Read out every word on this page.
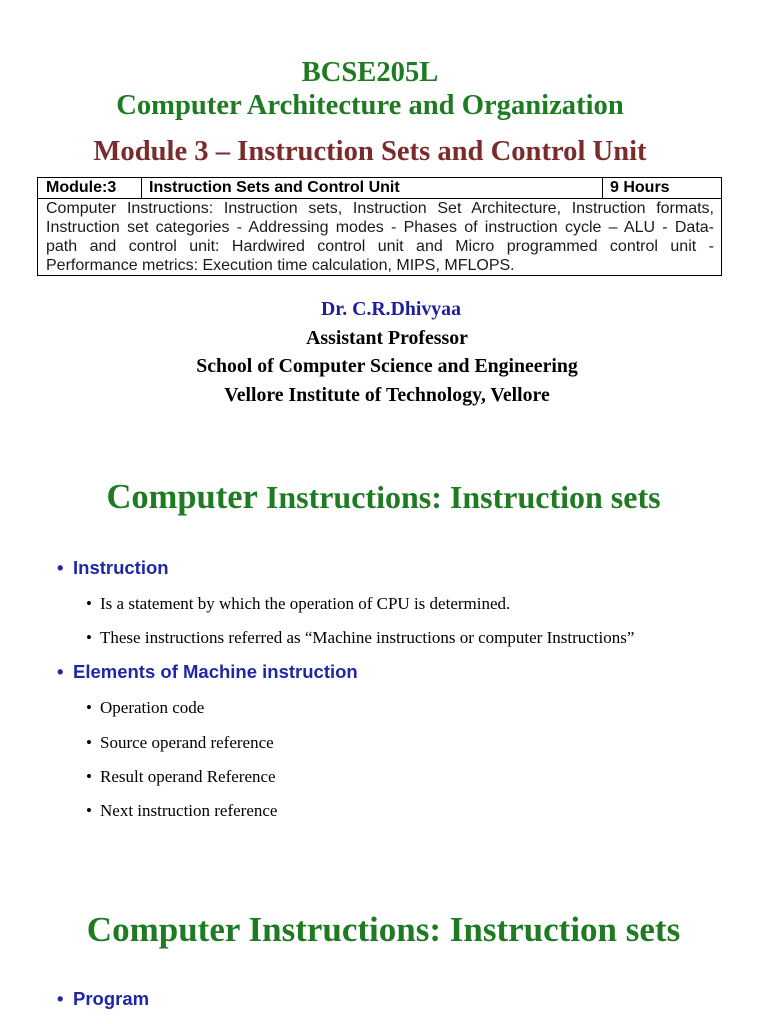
BCSE205L
Computer Architecture and Organization
Module 3 – Instruction Sets and Control Unit
Module:3	Instruction Sets and Control Unit	9 Hours
Computer Instructions: Instruction sets, Instruction Set Architecture, Instruction formats,
Instruction set categories - Addressing modes - Phases of instruction cycle – ALU - Data-
path and control unit: Hardwired control unit and Micro programmed control unit -
Performance metrics: Execution time calculation, MIPS, MFLOPS.
Dr. C.R.Dhivyaa
Assistant Professor
School of Computer Science and Engineering
Vellore Institute of Technology, Vellore
Computer Instructions: Instruction sets
•Instruction
•Is a statement by which the operation of CPU is determined.
•These instructions referred as “Machine instructions or computer Instructions”
•Elements of Machine instruction
•Operation code
•Source operand reference
•Result operand Reference
•Next instruction reference
Computer Instructions: Instruction sets
•Program
